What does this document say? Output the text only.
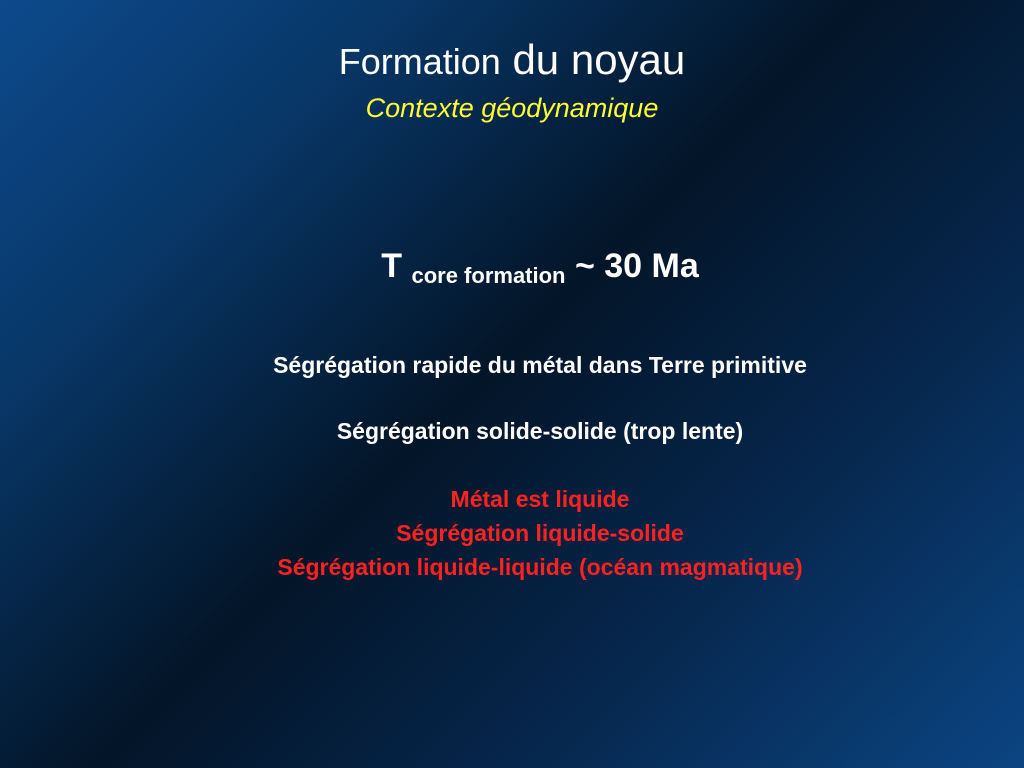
Formation du noyau
Contexte géodynamique

T $_{core formation}$ ~ 30 Ma

Ségrégation rapide du métal dans Terre primitive

Ségrégation solide-solide (trop lente)

Métal est liquide

Ségrégation liquide-solide

Ségrégation liquide-liquide (océan magmatique)
